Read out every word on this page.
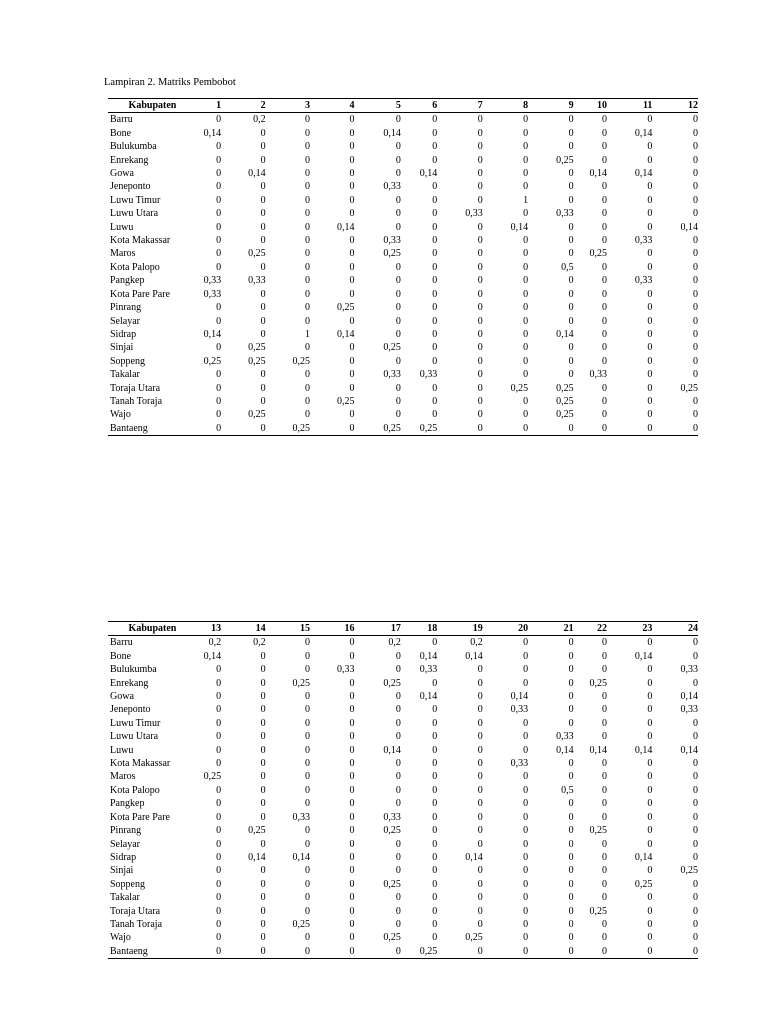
Lampiran 2. Matriks Pembobot
Kabupaten	1	2	3	4	5	6	7	8	9	10	11	12
Barru	0	0,2	0	0	0	0	0	0	0	0	0	0
Bone	0,14	0	0	0	0,14	0	0	0	0	0	0,14	0
Bulukumba	0	0	0	0	0	0	0	0	0	0	0	0
Enrekang	0	0	0	0	0	0	0	0	0,25	0	0	0
Gowa	0	0,14	0	0	0	0,14	0	0	0	0,14	0,14	0
Jeneponto	0	0	0	0	0,33	0	0	0	0	0	0	0
Luwu Timur	0	0	0	0	0	0	0	1	0	0	0	0
Luwu Utara	0	0	0	0	0	0	0,33	0	0,33	0	0	0
Luwu	0	0	0	0,14	0	0	0	0,14	0	0	0	0,14
Kota Makassar	0	0	0	0	0,33	0	0	0	0	0	0,33	0
Maros	0	0,25	0	0	0,25	0	0	0	0	0,25	0	0
Kota Palopo	0	0	0	0	0	0	0	0	0,5	0	0	0
Pangkep	0,33	0,33	0	0	0	0	0	0	0	0	0,33	0
Kota Pare Pare	0,33	0	0	0	0	0	0	0	0	0	0	0
Pinrang	0	0	0	0,25	0	0	0	0	0	0	0	0
Selayar	0	0	0	0	0	0	0	0	0	0	0	0
Sidrap	0,14	0	1	0,14	0	0	0	0	0,14	0	0	0
Sinjai	0	0,25	0	0	0,25	0	0	0	0	0	0	0
Soppeng	0,25	0,25	0,25	0	0	0	0	0	0	0	0	0
Takalar	0	0	0	0	0,33	0,33	0	0	0	0,33	0	0
Toraja Utara	0	0	0	0	0	0	0	0,25	0,25	0	0	0,25
Tanah Toraja	0	0	0	0,25	0	0	0	0	0,25	0	0	0
Wajo	0	0,25	0	0	0	0	0	0	0,25	0	0	0
Bantaeng	0	0	0,25	0	0,25	0,25	0	0	0	0	0	0
Kabupaten	13	14	15	16	17	18	19	20	21	22	23	24
Barru	0,2	0,2	0	0	0,2	0	0,2	0	0	0	0	0
Bone	0,14	0	0	0	0	0,14	0,14	0	0	0	0,14	0
Bulukumba	0	0	0	0,33	0	0,33	0	0	0	0	0	0,33
Enrekang	0	0	0,25	0	0,25	0	0	0	0	0,25	0	0
Gowa	0	0	0	0	0	0,14	0	0,14	0	0	0	0,14
Jeneponto	0	0	0	0	0	0	0	0,33	0	0	0	0,33
Luwu Timur	0	0	0	0	0	0	0	0	0	0	0	0
Luwu Utara	0	0	0	0	0	0	0	0	0,33	0	0	0
Luwu	0	0	0	0	0,14	0	0	0	0,14	0,14	0,14	0,14
Kota Makassar	0	0	0	0	0	0	0	0,33	0	0	0	0
Maros	0,25	0	0	0	0	0	0	0	0	0	0	0
Kota Palopo	0	0	0	0	0	0	0	0	0,5	0	0	0
Pangkep	0	0	0	0	0	0	0	0	0	0	0	0
Kota Pare Pare	0	0	0,33	0	0,33	0	0	0	0	0	0	0
Pinrang	0	0,25	0	0	0,25	0	0	0	0	0,25	0	0
Selayar	0	0	0	0	0	0	0	0	0	0	0	0
Sidrap	0	0,14	0,14	0	0	0	0,14	0	0	0	0,14	0
Sinjai	0	0	0	0	0	0	0	0	0	0	0	0,25
Soppeng	0	0	0	0	0,25	0	0	0	0	0	0,25	0
Takalar	0	0	0	0	0	0	0	0	0	0	0	0
Toraja Utara	0	0	0	0	0	0	0	0	0	0,25	0	0
Tanah Toraja	0	0	0,25	0	0	0	0	0	0	0	0	0
Wajo	0	0	0	0	0,25	0	0,25	0	0	0	0	0
Bantaeng	0	0	0	0	0	0,25	0	0	0	0	0	0
